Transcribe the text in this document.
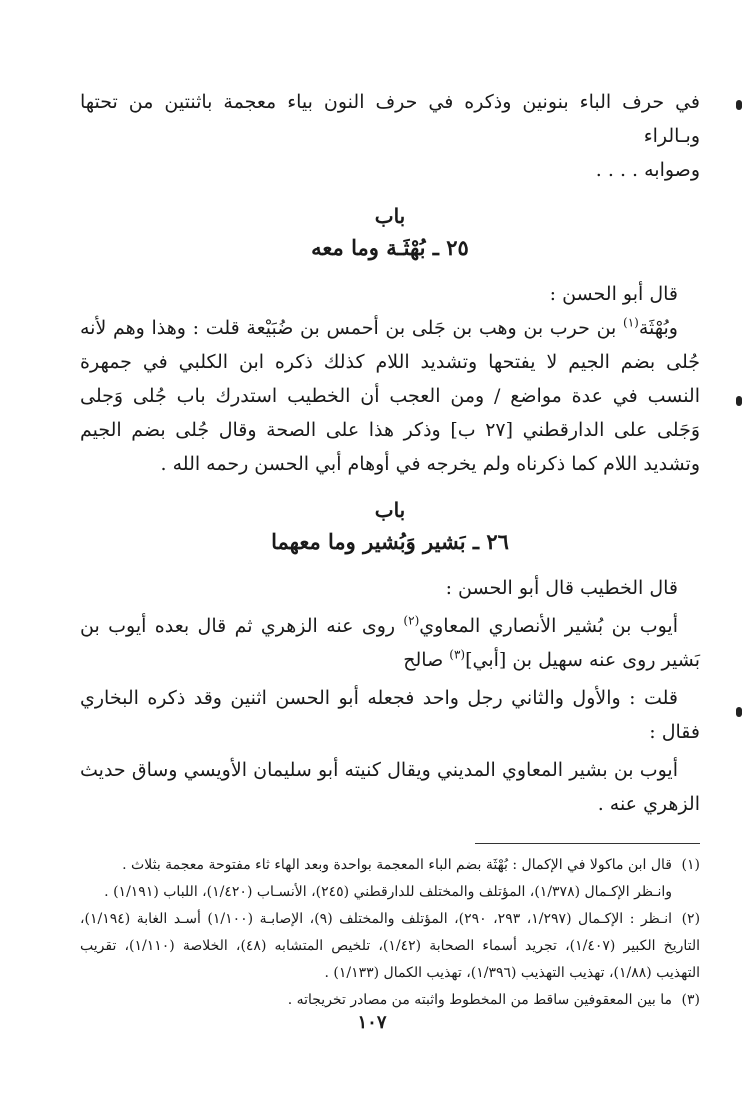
في حرف الباء بنونين وذكره في حرف النون بياء معجمة باثنتين من تحتها وبـالراء
وصوابه . . . .

باب
٢٥ ـ بُهْثَـة وما معه

قال أبو الحسن :

وبُهْثَة$^{(١)}$ بن حرب بن وهب بن جَلى بن أحمس بن ضُبَيْعة قلت : وهذا وهم لأنه جُلى بضم الجيم لا يفتحها وتشديد اللام كذلك ذكره ابن الكلبي في جمهرة النسب في عدة مواضع / ومن العجب أن الخطيب استدرك باب جُلى وَجلى وَجَلى على الدارقطني [٢٧ ب] وذكر هذا على الصحة وقال جُلى بضم الجيم وتشديد اللام كما ذكرناه ولم يخرجه في أوهام أبي الحسن رحمه الله .

باب
٢٦ ـ بَشير وَبُشير وما معهما

قال الخطيب قال أبو الحسن :

أيوب بن بُشير الأنصاري المعاوي$^{(٢)}$ روى عنه الزهري ثم قال بعده أيوب بن بَشير روى عنه سهيل بن [أبي]$^{(٣)}$ صالح

قلت : والأول والثاني رجل واحد فجعله أبو الحسن اثنين وقد ذكره البخاري فقال :

أيوب بن بشير المعاوي المديني ويقال كنيته أبو سليمان الأويسي وساق حديث الزهري عنه .

(١)قال ابن ماكولا في الإكمال : بُهْثَة بضم الباء المعجمة بواحدة وبعد الهاء ثاء مفتوحة معجمة بثلاث .

وانـظر الإكـمال (١/٣٧٨)، المؤتلف والمختلف للدارقطني (٢٤٥)، الأنسـاب (١/٤٢٠)، اللباب (١/١٩١) .

(٢)انـظر : الإكـمال (١/٢٩٧، ٢٩٣، ٢٩٠)، المؤتلف والمختلف (٩)، الإصابـة (١/١٠٠) أسـد الغابة (١/١٩٤)، التاريخ الكبير (١/٤٠٧)، تجريد أسماء الصحابة (١/٤٢)، تلخيص المتشابه (٤٨)، الخلاصة (١/١١٠)، تقريب التهذيب (١/٨٨)، تهذيب التهذيب (١/٣٩٦)، تهذيب الكمال (١/١٣٣) .

(٣)ما بين المعقوفين ساقط من المخطوط واثبته من مصادر تخريجاته .

١٠٧
